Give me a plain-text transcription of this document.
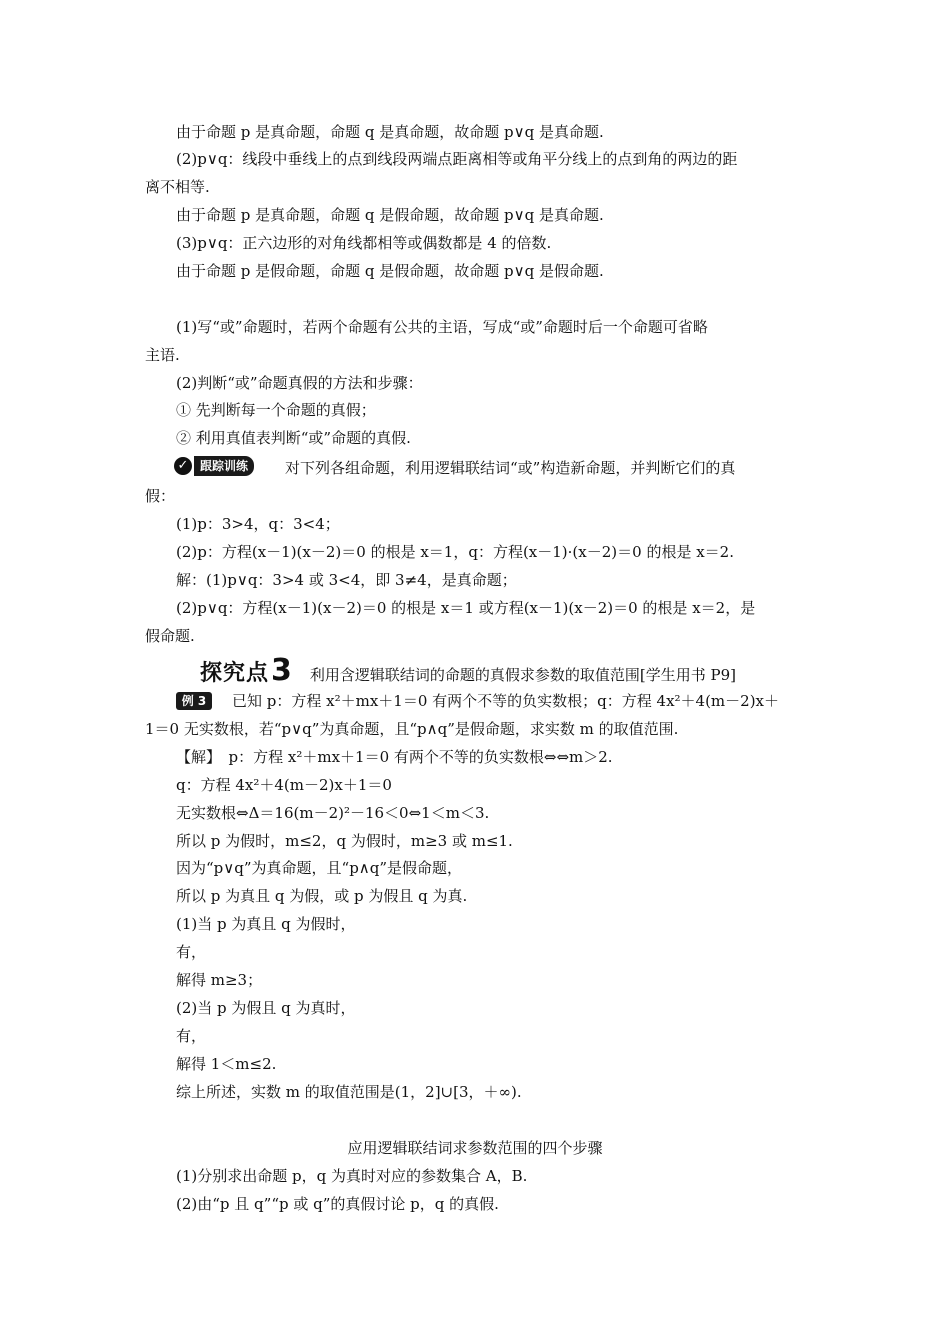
由于命题 p 是真命题，命题 q 是真命题，故命题 p∨q 是真命题.
(2)p∨q：线段中垂线上的点到线段两端点距离相等或角平分线上的点到角的两边的距
离不相等.
由于命题 p 是真命题，命题 q 是假命题，故命题 p∨q 是真命题.
(3)p∨q：正六边形的对角线都相等或偶数都是 4 的倍数.
由于命题 p 是假命题，命题 q 是假命题，故命题 p∨q 是假命题.
(1)写“或”命题时，若两个命题有公共的主语，写成“或”命题时后一个命题可省略
主语.
(2)判断“或”命题真假的方法和步骤：
① 先判断每一个命题的真假；
② 利用真值表判断“或”命题的真假.
✓ 跟踪训练	对下列各组命题，利用逻辑联结词“或”构造新命题，并判断它们的真
假：
(1)p：3>4，q：3<4；
(2)p：方程(x－1)(x－2)＝0 的根是 x＝1，q：方程(x－1)·(x－2)＝0 的根是 x＝2.
解：(1)p∨q：3>4 或 3<4，即 3≠4，是真命题；
(2)p∨q：方程(x－1)(x－2)＝0 的根是 x＝1 或方程(x－1)(x－2)＝0 的根是 x＝2，是
假命题.
探究点 3 利用含逻辑联结词的命题的真假求参数的取值范围[学生用书 P9]
例 3	已知 p：方程 x²＋mx＋1＝0 有两个不等的负实数根；q：方程 4x²＋4(m－2)x＋
1＝0 无实数根，若“p∨q”为真命题，且“p∧q”是假命题，求实数 m 的取值范围.
【解】　p：方程 x²＋mx＋1＝0 有两个不等的负实数根⇔⇔m＞2.
q：方程 4x²＋4(m－2)x＋1＝0
无实数根⇔Δ＝16(m－2)²－16＜0⇔1＜m＜3.
所以 p 为假时，m≤2，q 为假时，m≥3 或 m≤1.
因为“p∨q”为真命题，且“p∧q”是假命题，
所以 p 为真且 q 为假，或 p 为假且 q 为真.
(1)当 p 为真且 q 为假时，
有，
解得 m≥3；
(2)当 p 为假且 q 为真时，
有，
解得 1＜m≤2.
综上所述，实数 m 的取值范围是(1，2]∪[3，＋∞).
应用逻辑联结词求参数范围的四个步骤
(1)分别求出命题 p，q 为真时对应的参数集合 A，B.
(2)由“p 且 q”“p 或 q”的真假讨论 p，q 的真假.
